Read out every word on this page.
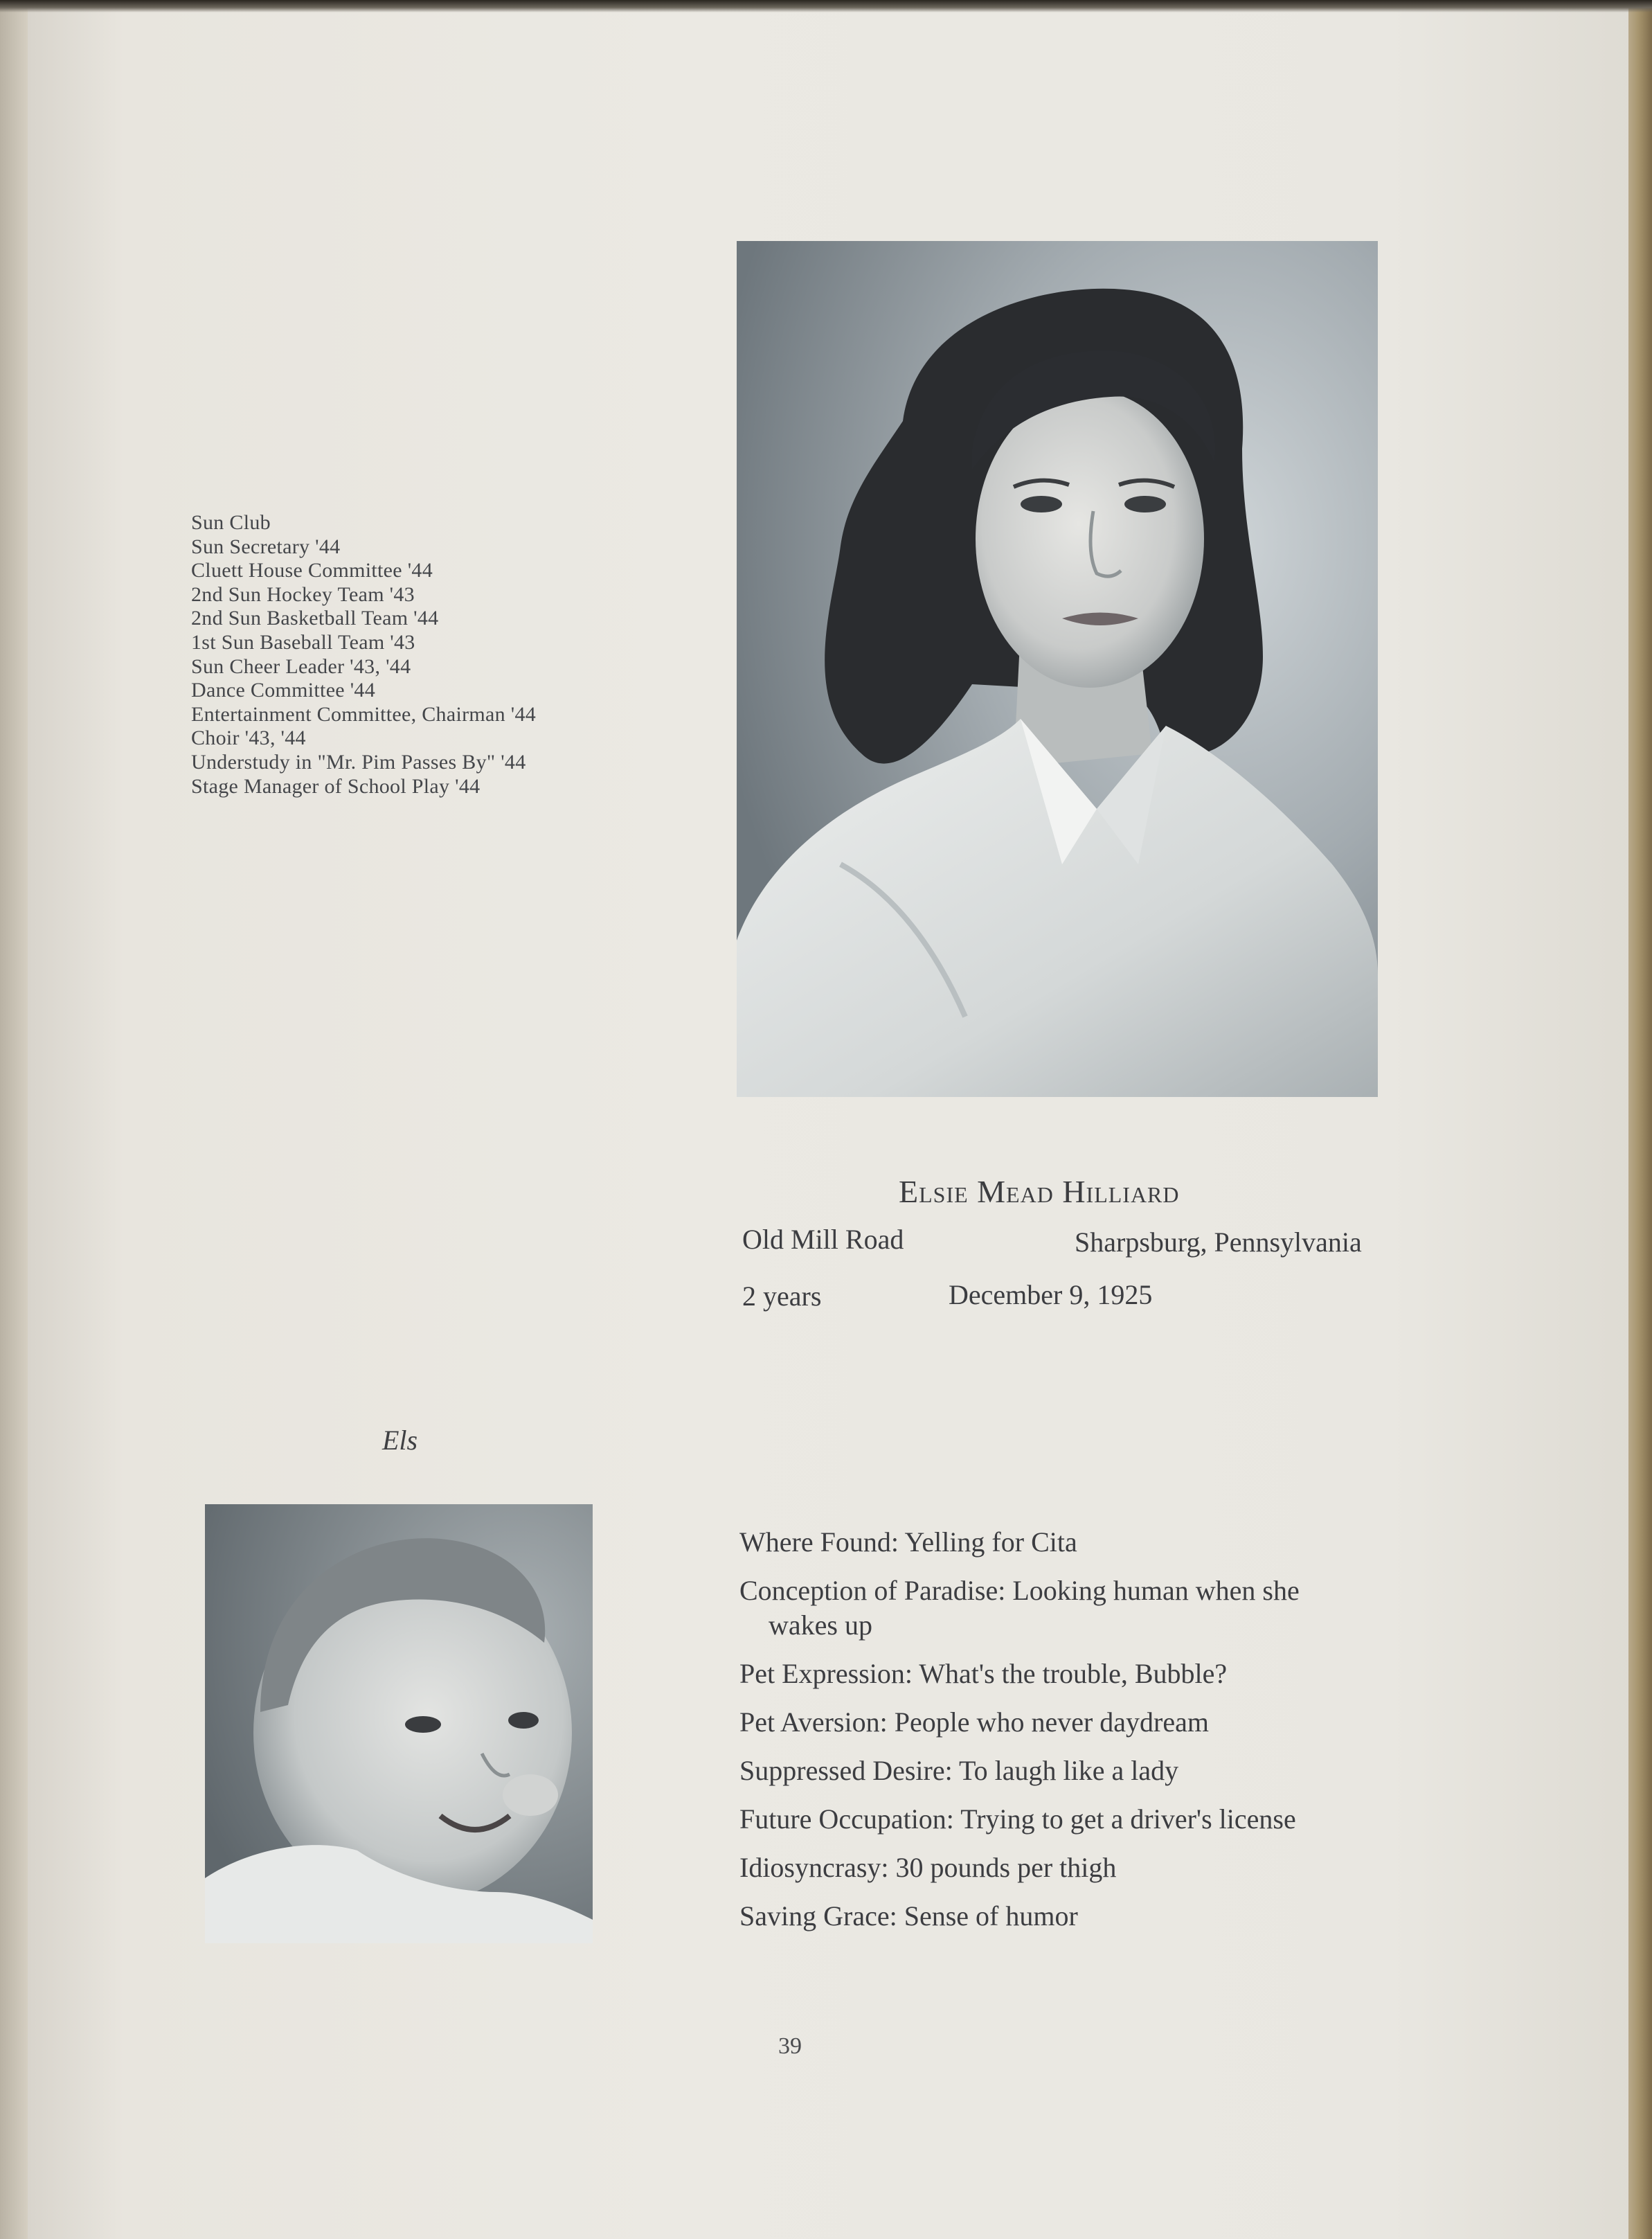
Sun Club
Sun Secretary '44
Cluett House Committee '44
2nd Sun Hockey Team '43
2nd Sun Basketball Team '44
1st Sun Baseball Team '43
Sun Cheer Leader '43, '44
Dance Committee '44
Entertainment Committee, Chairman '44
Choir '43, '44
Understudy in "Mr. Pim Passes By" '44
Stage Manager of School Play '44
Elsie Mead Hilliard
Old Mill Road	Sharpsburg, Pennsylvania
2 years	December 9, 1925
Els
Where Found: Yelling for Cita
Conception of Paradise: Looking human when she
wakes up
Pet Expression: What's the trouble, Bubble?
Pet Aversion: People who never daydream
Suppressed Desire: To laugh like a lady
Future Occupation: Trying to get a driver's license
Idiosyncrasy: 30 pounds per thigh
Saving Grace: Sense of humor
39
